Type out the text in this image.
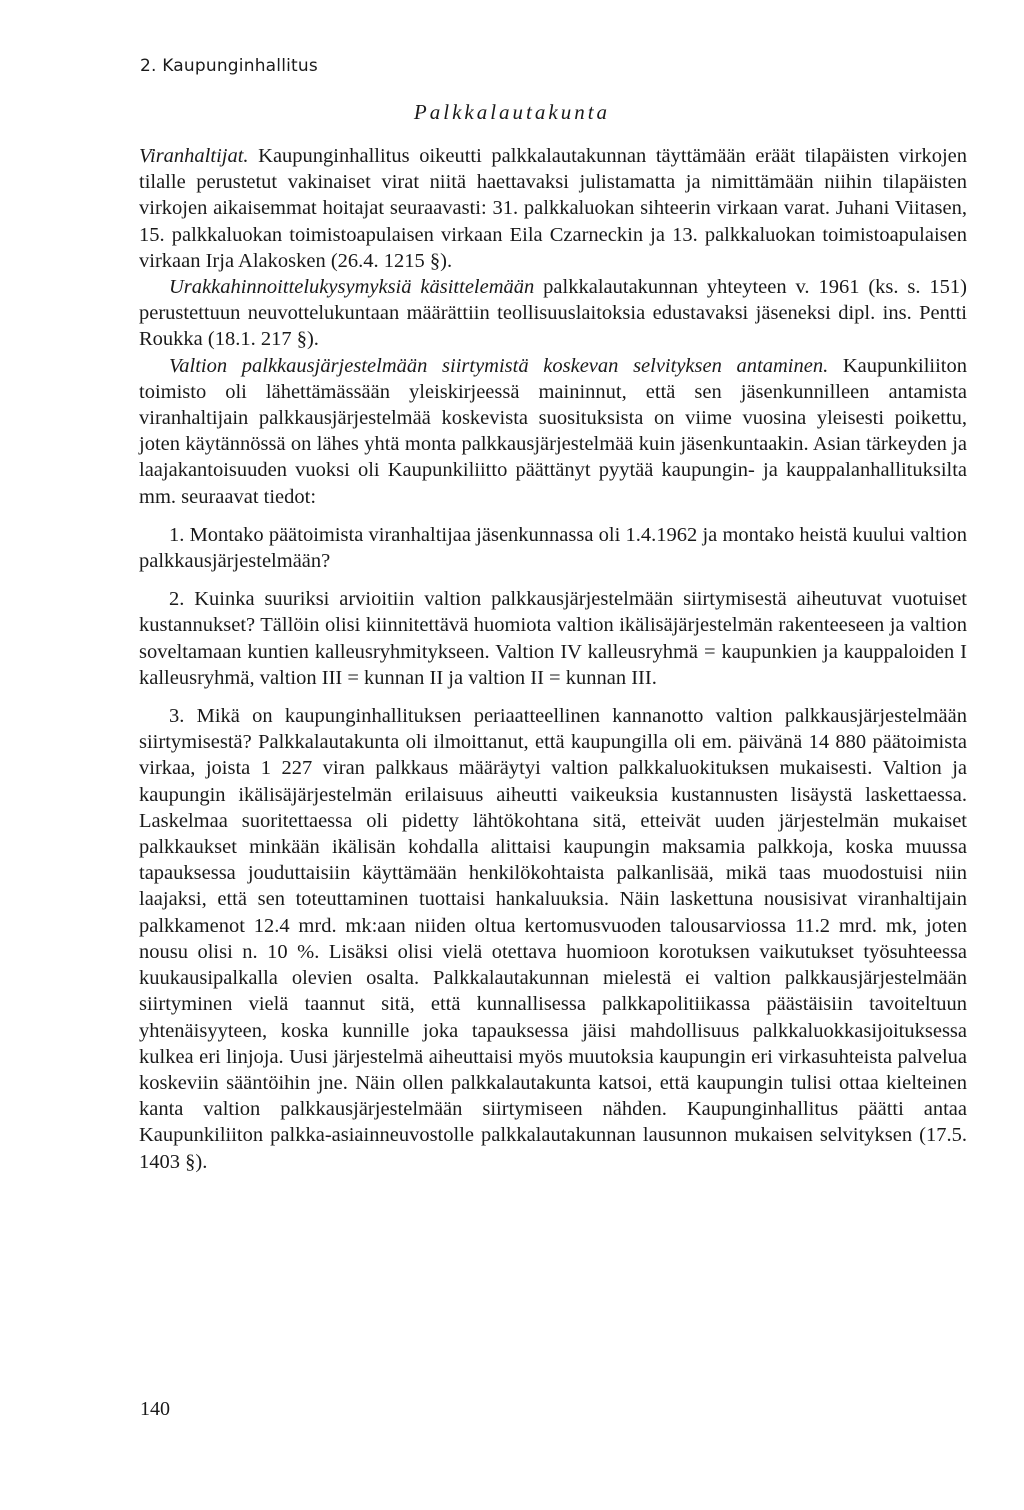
2. Kaupunginhallitus
Palkkalautakunta

Viranhaltijat. Kaupunginhallitus oikeutti palkkalautakunnan täyttämään eräät tilapäisten virkojen tilalle perustetut vakinaiset virat niitä haettavaksi julistamatta ja nimittämään niihin tilapäisten virkojen aikaisemmat hoitajat seuraavasti: 31. palkkaluokan sihteerin virkaan varat. Juhani Viitasen, 15. palkkaluokan toimistoapulaisen virkaan Eila Czarneckin ja 13. palkkaluokan toimistoapulaisen virkaan Irja Alakosken (26.4. 1215 §).

Urakkahinnoittelukysymyksiä käsittelemään palkkalautakunnan yhteyteen v. 1961 (ks. s. 151) perustettuun neuvottelukuntaan määrättiin teollisuuslaitoksia edustavaksi jäseneksi dipl. ins. Pentti Roukka (18.1. 217 §).

Valtion palkkausjärjestelmään siirtymistä koskevan selvityksen antaminen. Kaupunkiliiton toimisto oli lähettämässään yleiskirjeessä maininnut, että sen jäsenkunnilleen antamista viranhaltijain palkkausjärjestelmää koskevista suosituksista on viime vuosina yleisesti poikettu, joten käytännössä on lähes yhtä monta palkkausjärjestelmää kuin jäsenkuntaakin. Asian tärkeyden ja laajakantoisuuden vuoksi oli Kaupunkiliitto päättänyt pyytää kaupungin- ja kauppalanhallituksilta mm. seuraavat tiedot:

1. Montako päätoimista viranhaltijaa jäsenkunnassa oli 1.4.1962 ja montako heistä kuului valtion palkkausjärjestelmään?

2. Kuinka suuriksi arvioitiin valtion palkkausjärjestelmään siirtymisestä aiheutuvat vuotuiset kustannukset? Tällöin olisi kiinnitettävä huomiota valtion ikälisäjärjestelmän rakenteeseen ja valtion soveltamaan kuntien kalleusryhmitykseen. Valtion IV kalleusryhmä = kaupunkien ja kauppaloiden I kalleusryhmä, valtion III = kunnan II ja valtion II = kunnan III.

3. Mikä on kaupunginhallituksen periaatteellinen kannanotto valtion palkkausjärjestelmään siirtymisestä? Palkkalautakunta oli ilmoittanut, että kaupungilla oli em. päivänä 14 880 päätoimista virkaa, joista 1 227 viran palkkaus määräytyi valtion palkkaluokituksen mukaisesti. Valtion ja kaupungin ikälisäjärjestelmän erilaisuus aiheutti vaikeuksia kustannusten lisäystä laskettaessa. Laskelmaa suoritettaessa oli pidetty lähtökohtana sitä, etteivät uuden järjestelmän mukaiset palkkaukset minkään ikälisän kohdalla alittaisi kaupungin maksamia palkkoja, koska muussa tapauksessa jouduttaisiin käyttämään henkilökohtaista palkanlisää, mikä taas muodostuisi niin laajaksi, että sen toteuttaminen tuottaisi hankaluuksia. Näin laskettuna nousisivat viranhaltijain palkkamenot 12.4 mrd. mk:aan niiden oltua kertomusvuoden talousarviossa 11.2 mrd. mk, joten nousu olisi n. 10 %. Lisäksi olisi vielä otettava huomioon korotuksen vaikutukset työsuhteessa kuukausipalkalla olevien osalta. Palkkalautakunnan mielestä ei valtion palkkausjärjestelmään siirtyminen vielä taannut sitä, että kunnallisessa palkkapolitiikassa päästäisiin tavoiteltuun yhtenäisyyteen, koska kunnille joka tapauksessa jäisi mahdollisuus palkkaluokkasijoituksessa kulkea eri linjoja. Uusi järjestelmä aiheuttaisi myös muutoksia kaupungin eri virkasuhteista palvelua koskeviin sääntöihin jne. Näin ollen palkkalautakunta katsoi, että kaupungin tulisi ottaa kielteinen kanta valtion palkkausjärjestelmään siirtymiseen nähden. Kaupunginhallitus päätti antaa Kaupunkiliiton palkka-asiainneuvostolle palkkalautakunnan lausunnon mukaisen selvityksen (17.5. 1403 §).

140
